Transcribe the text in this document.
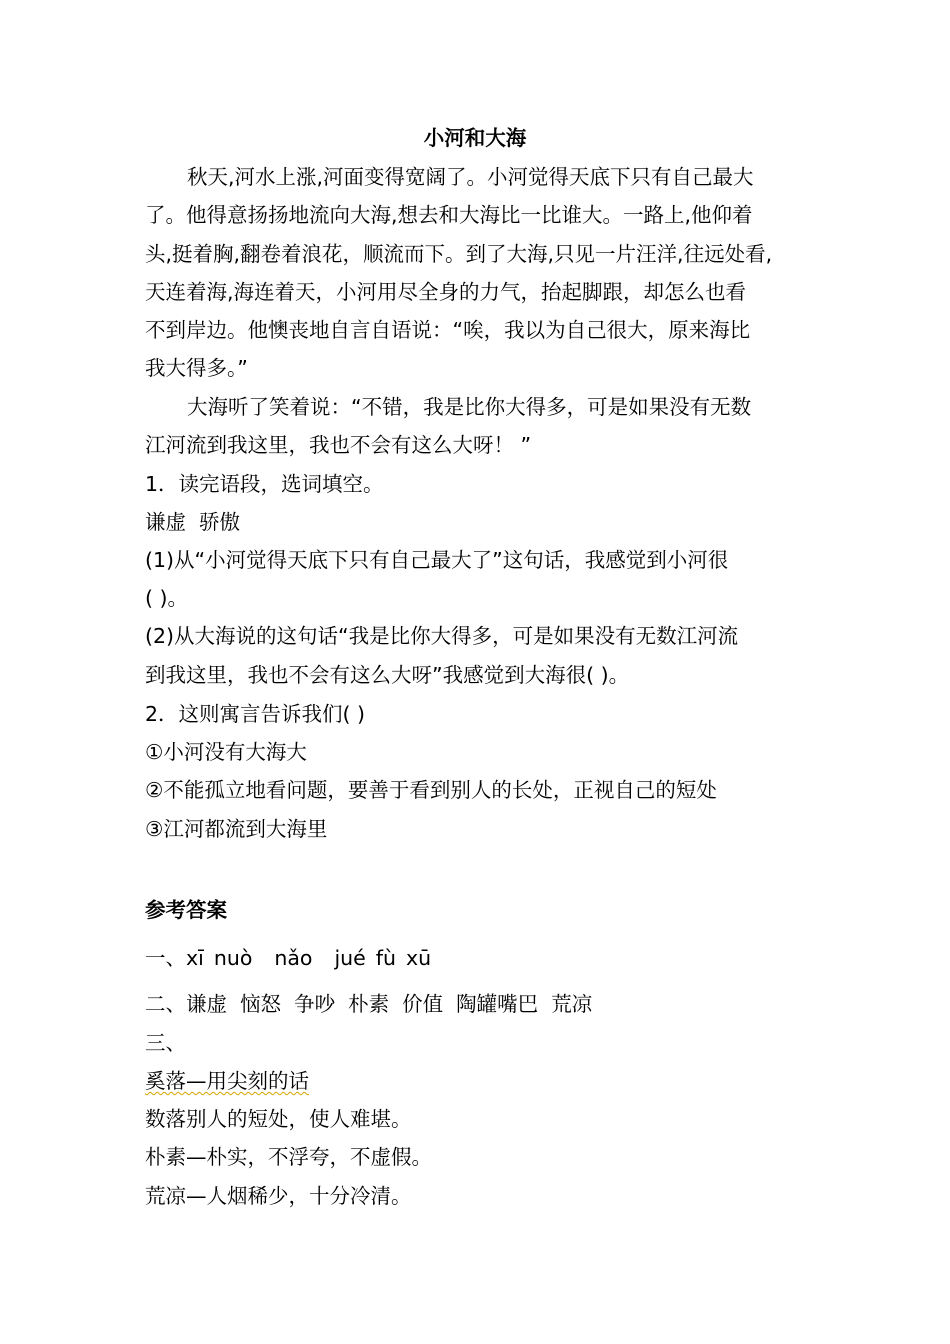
小河和大海
秋天,河水上涨,河面变得宽阔了。小河觉得天底下只有自己最大
了。他得意扬扬地流向大海,想去和大海比一比谁大。一路上,他仰着
头,挺着胸,翻卷着浪花，顺流而下。到了大海,只见一片汪洋,往远处看,
天连着海,海连着天，小河用尽全身的力气，抬起脚跟，却怎么也看
不到岸边。他懊丧地自言自语说：“唉，我以为自己很大，原来海比
我大得多。”
大海听了笑着说：“不错，我是比你大得多，可是如果没有无数
江河流到我这里，我也不会有这么大呀！ ”
1．读完语段，选词填空。
谦虚  骄傲
(1)从“小河觉得天底下只有自己最大了”这句话，我感觉到小河很
( )。
(2)从大海说的这句话“我是比你大得多，可是如果没有无数江河流
到我这里，我也不会有这么大呀”我感觉到大海很( )。
2．这则寓言告诉我们( )
①小河没有大海大
②不能孤立地看问题，要善于看到别人的长处，正视自己的短处
③江河都流到大海里
参考答案
一、xī nuò nǎo jué fù xū
二、谦虚  恼怒  争吵  朴素  价值  陶罐嘴巴  荒凉
三、
奚落—用尖刻的话
数落别人的短处，使人难堪。
朴素—朴实，不浮夸，不虚假。
荒凉—人烟稀少，十分冷清。
